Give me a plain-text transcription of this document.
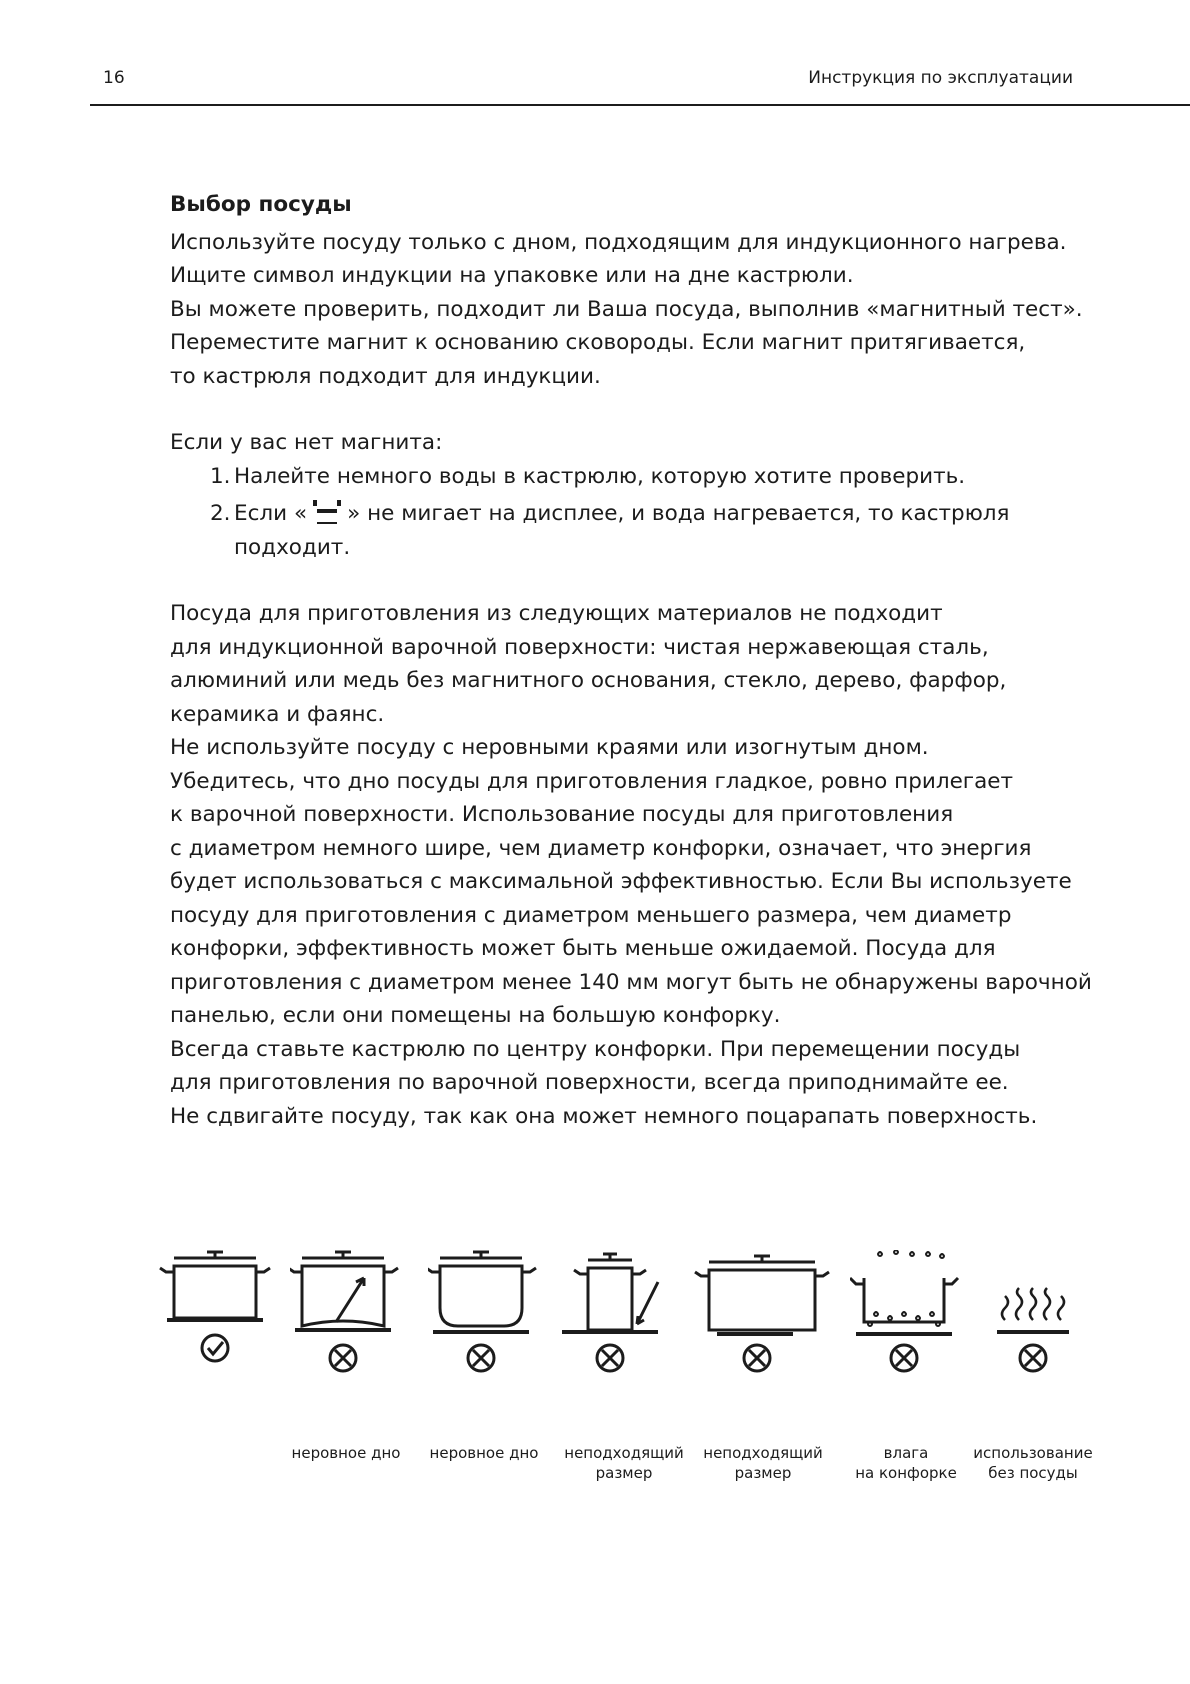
16	Инструкция по эксплуатации
Выбор посуды

Используйте посуду только с дном, подходящим для индукционного нагрева.
Ищите символ индукции на упаковке или на дне кастрюли.
Вы можете проверить, подходит ли Ваша посуда, выполнив «магнитный тест».
Переместите магнит к основанию сковороды. Если магнит притягивается,
то кастрюля подходит для индукции.

Если у вас нет магнита:

1. Налейте немного воды в кастрюлю, которую хотите проверить.
2. Если « » не мигает на дисплее, и вода нагревается, то кастрюля
подходит.

Посуда для приготовления из следующих материалов не подходит
для индукционной варочной поверхности: чистая нержавеющая сталь,
алюминий или медь без магнитного основания, стекло, дерево, фарфор,
керамика и фаянс.
Не используйте посуду с неровными краями или изогнутым дном.
Убедитесь, что дно посуды для приготовления гладкое, ровно прилегает
к варочной поверхности. Использование посуды для приготовления
с диаметром немного шире, чем диаметр конфорки, означает, что энергия
будет использоваться с максимальной эффективностью. Если Вы используете
посуду для приготовления с диаметром меньшего размера, чем диаметр
конфорки, эффективность может быть меньше ожидаемой. Посуда для
приготовления с диаметром менее 140 мм могут быть не обнаружены варочной
панелью, если они помещены на большую конфорку.
Всегда ставьте кастрюлю по центру конфорки. При перемещении посуды
для приготовления по варочной поверхности, всегда приподнимайте ее.
Не сдвигайте посуду, так как она может немного поцарапать поверхность.

неровное дно	неровное дно	неподходящий
размер
неподходящий
размер
влага
на конфорке
использование
без посуды
